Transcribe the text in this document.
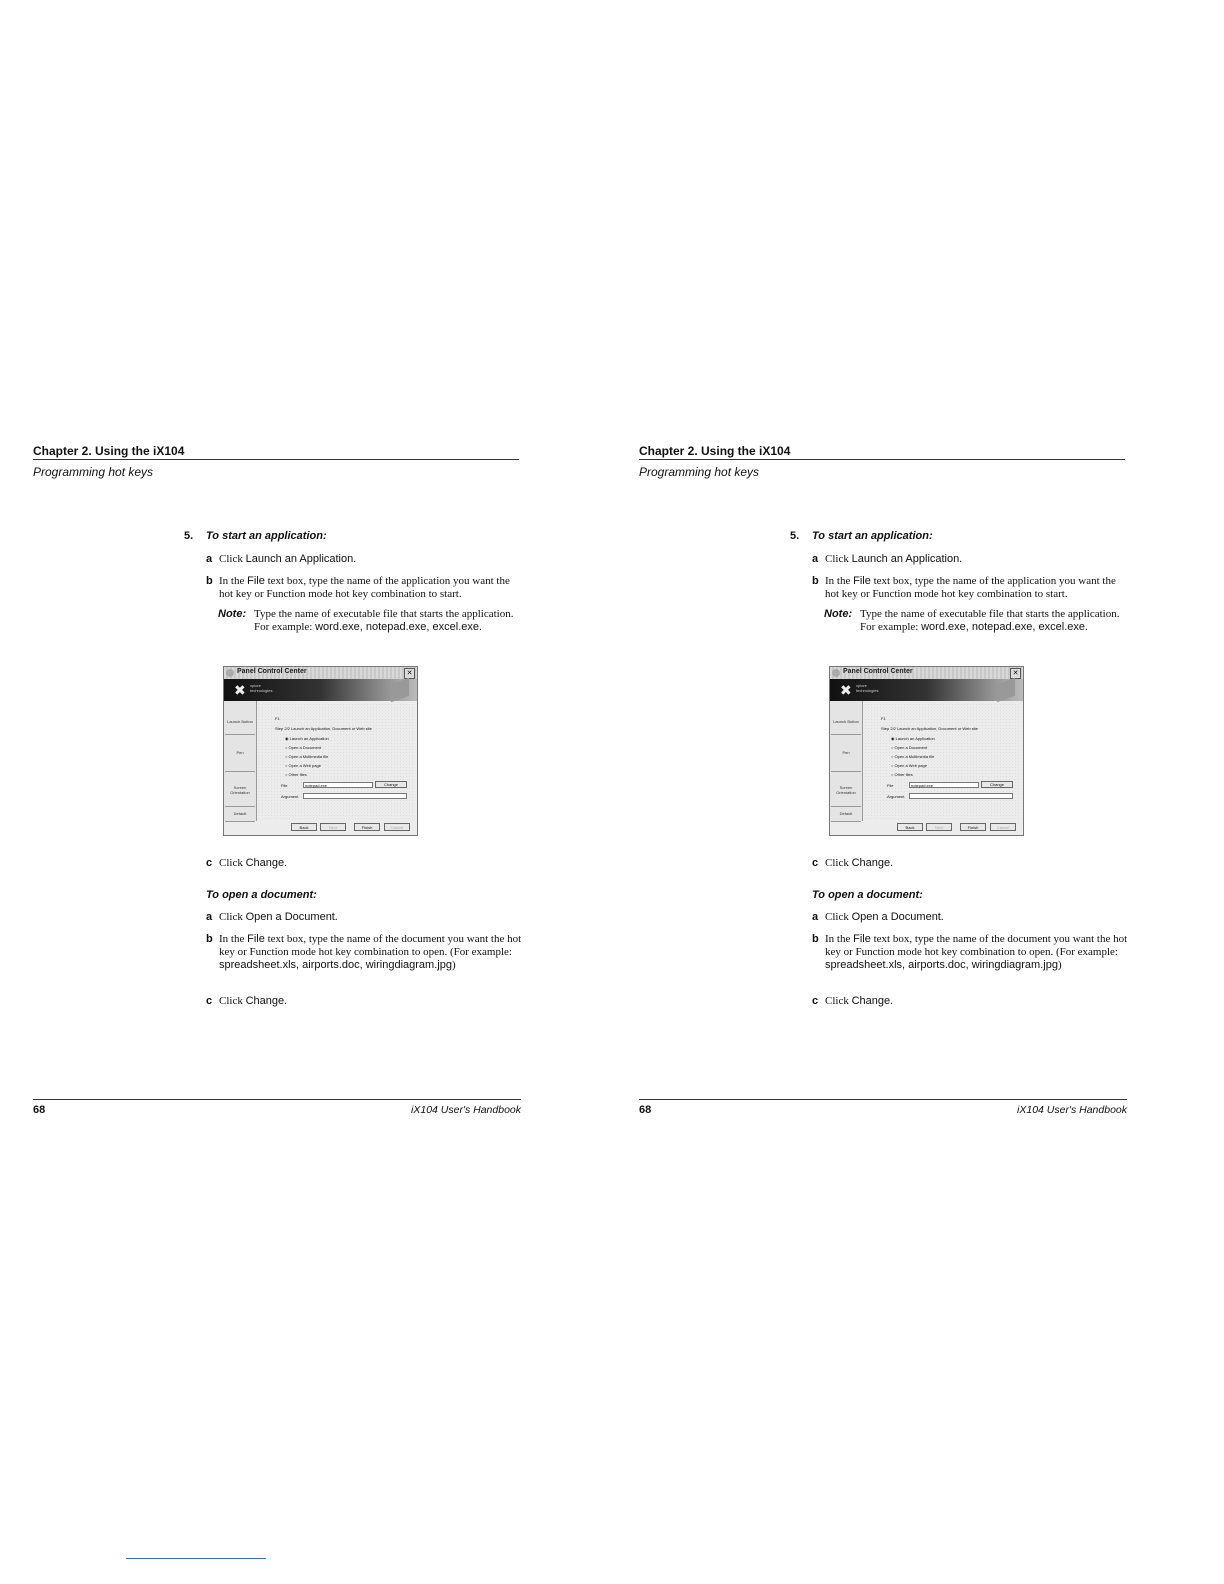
Chapter 2. Using the iX104
Programming hot keys
5. To start an application:
a Click Launch an Application.
b In the File text box, type the name of the application you want the hot key or Function mode hot key combination to start.
Note: Type the name of executable file that starts the application. For example: word.exe, notepad.exe, excel.exe.
Panel Control Center	✕
✖ xplore
technologies
Launch Button
Pen
Screen Orientation
Default
F1
Step 2/2 Launch an Application, Document or Web site
◉ Launch an Application
○ Open a Document
○ Open a Multimedia file
○ Open a Web page
○ Other files
File	notepad.exe	Change
Argument
Back	Next	Finish	Cancel
c Click Change.
To open a document:
a Click Open a Document.
b In the File text box, type the name of the document you want the hot key or Function mode hot key combination to open. (For example: spreadsheet.xls, airports.doc, wiringdiagram.jpg)
c Click Change.
68	iX104 User's Handbook
Chapter 2. Using the iX104
Programming hot keys
5. To start an application:
a Click Launch an Application.
b In the File text box, type the name of the application you want the hot key or Function mode hot key combination to start.
Note: Type the name of executable file that starts the application. For example: word.exe, notepad.exe, excel.exe.
Panel Control Center	✕
✖ xplore
technologies
Launch Button
Pen
Screen Orientation
Default
F1
Step 2/2 Launch an Application, Document or Web site
◉ Launch an Application
○ Open a Document
○ Open a Multimedia file
○ Open a Web page
○ Other files
File	notepad.exe	Change
Argument
Back	Next	Finish	Cancel
c Click Change.
To open a document:
a Click Open a Document.
b In the File text box, type the name of the document you want the hot key or Function mode hot key combination to open. (For example: spreadsheet.xls, airports.doc, wiringdiagram.jpg)
c Click Change.
68	iX104 User's Handbook
